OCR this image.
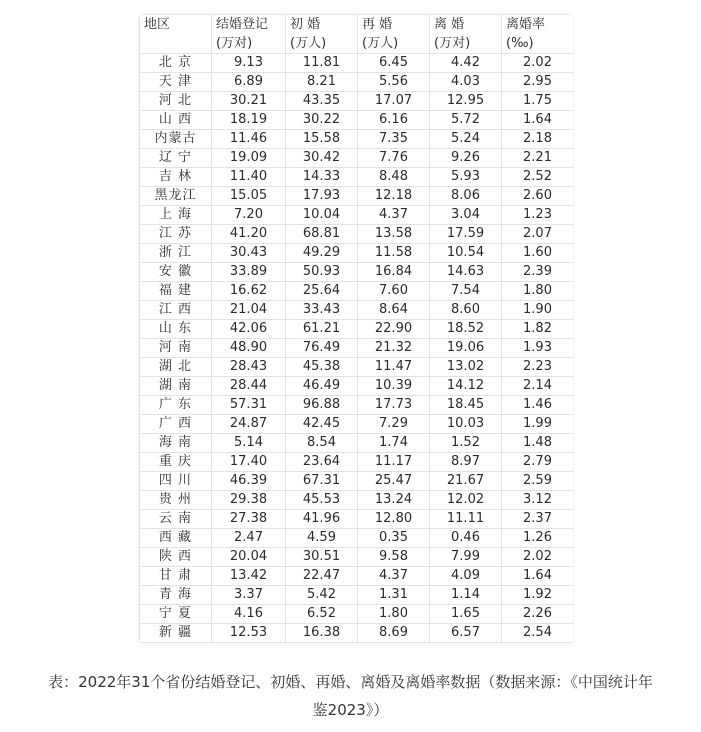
地区	结婚登记	初 婚	再 婚	离 婚	离婚率
	(万对)	(万人)	(万人)	(万对)	(‰)
北 京	9.13	11.81	6.45	4.42	2.02
天 津	6.89	8.21	5.56	4.03	2.95
河 北	30.21	43.35	17.07	12.95	1.75
山 西	18.19	30.22	6.16	5.72	1.64
内蒙古	11.46	15.58	7.35	5.24	2.18
辽 宁	19.09	30.42	7.76	9.26	2.21
吉 林	11.40	14.33	8.48	5.93	2.52
黑龙江	15.05	17.93	12.18	8.06	2.60
上 海	7.20	10.04	4.37	3.04	1.23
江 苏	41.20	68.81	13.58	17.59	2.07
浙 江	30.43	49.29	11.58	10.54	1.60
安 徽	33.89	50.93	16.84	14.63	2.39
福 建	16.62	25.64	7.60	7.54	1.80
江 西	21.04	33.43	8.64	8.60	1.90
山 东	42.06	61.21	22.90	18.52	1.82
河 南	48.90	76.49	21.32	19.06	1.93
湖 北	28.43	45.38	11.47	13.02	2.23
湖 南	28.44	46.49	10.39	14.12	2.14
广 东	57.31	96.88	17.73	18.45	1.46
广 西	24.87	42.45	7.29	10.03	1.99
海 南	5.14	8.54	1.74	1.52	1.48
重 庆	17.40	23.64	11.17	8.97	2.79
四 川	46.39	67.31	25.47	21.67	2.59
贵 州	29.38	45.53	13.24	12.02	3.12
云 南	27.38	41.96	12.80	11.11	2.37
西 藏	2.47	4.59	0.35	0.46	1.26
陕 西	20.04	30.51	9.58	7.99	2.02
甘 肃	13.42	22.47	4.37	4.09	1.64
青 海	3.37	5.42	1.31	1.14	1.92
宁 夏	4.16	6.52	1.80	1.65	2.26
新 疆	12.53	16.38	8.69	6.57	2.54
表：2022年31个省份结婚登记、初婚、再婚、离婚及离婚率数据（数据来源：《中国统计年
鉴2023》）
